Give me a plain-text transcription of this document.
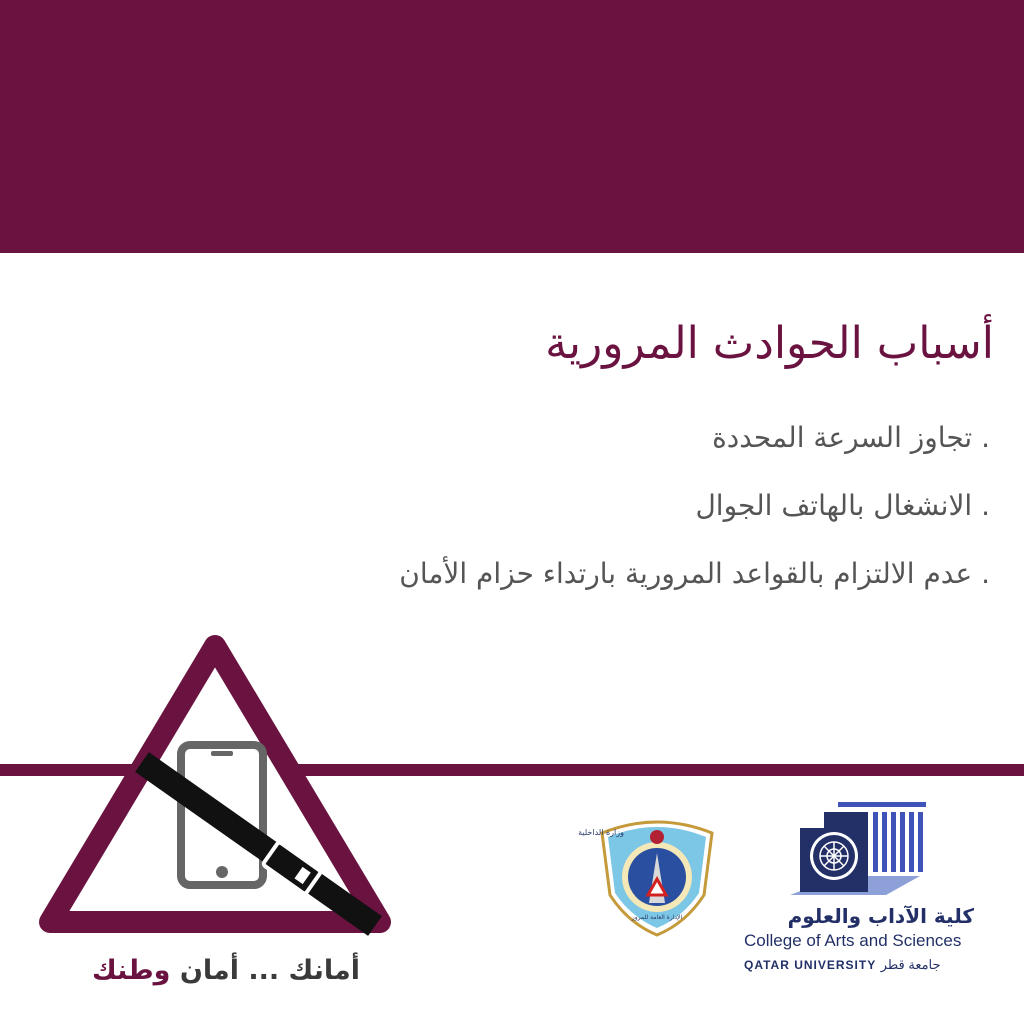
أسباب الحوادث المرورية
. تجاوز السرعة المحددة
. الانشغال بالهاتف الجوال
. عدم الالتزام بالقواعد المرورية بارتداء حزام الأمان
أمانك ... أمان وطنك
وزارة الداخلية
الإدارة العامة للمرور	كلية الآداب والعلوم
College of Arts and Sciences
QATAR UNIVERSITY جامعة قطر
